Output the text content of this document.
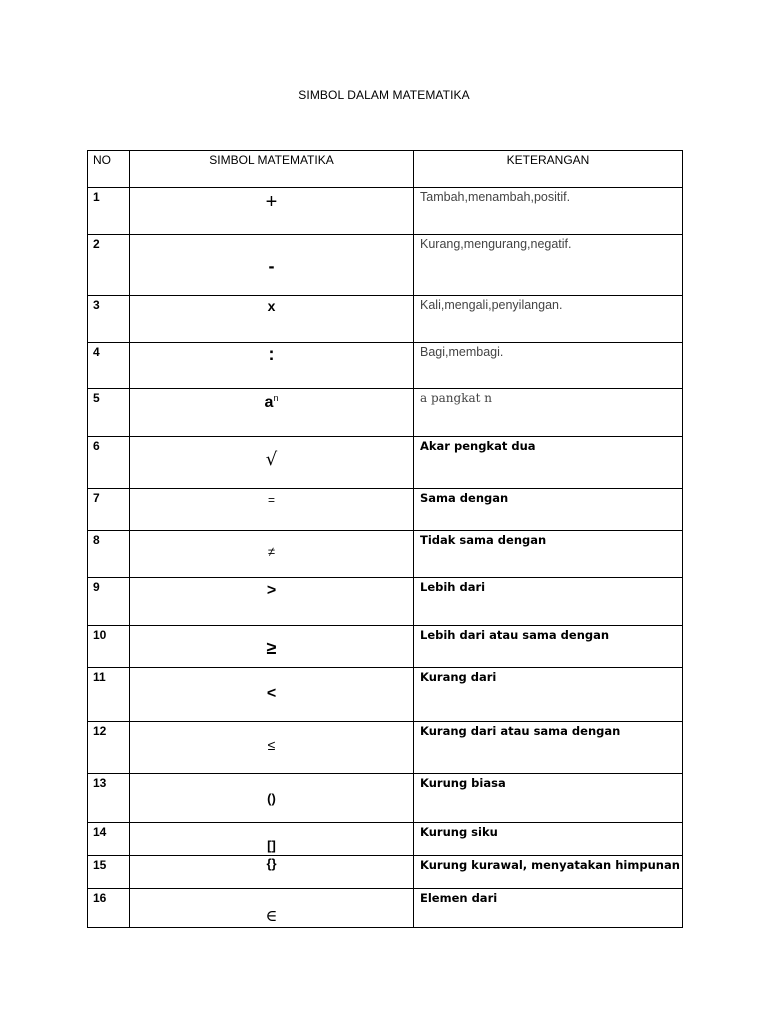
SIMBOL DALAM MATEMATIKA
NO	SIMBOL MATEMATIKA	KETERANGAN

1	+	Tambah,menambah,positif.

2	-	Kurang,mengurang,negatif.

3	x	Kali,mengali,penyilangan.

4	:	Bagi,membagi.

5	$a^n$	a pangkat n

6	√	Akar pengkat dua

7	=	Sama dengan

8	≠	Tidak sama dengan

9	>	Lebih dari

10	≥	Lebih dari atau sama dengan

11	<	Kurang dari

12	≤	Kurang dari atau sama dengan

13	()	Kurung biasa

14	[]	Kurung siku

15	{}	Kurung kurawal, menyatakan himpunan

16	∈	Elemen dari
